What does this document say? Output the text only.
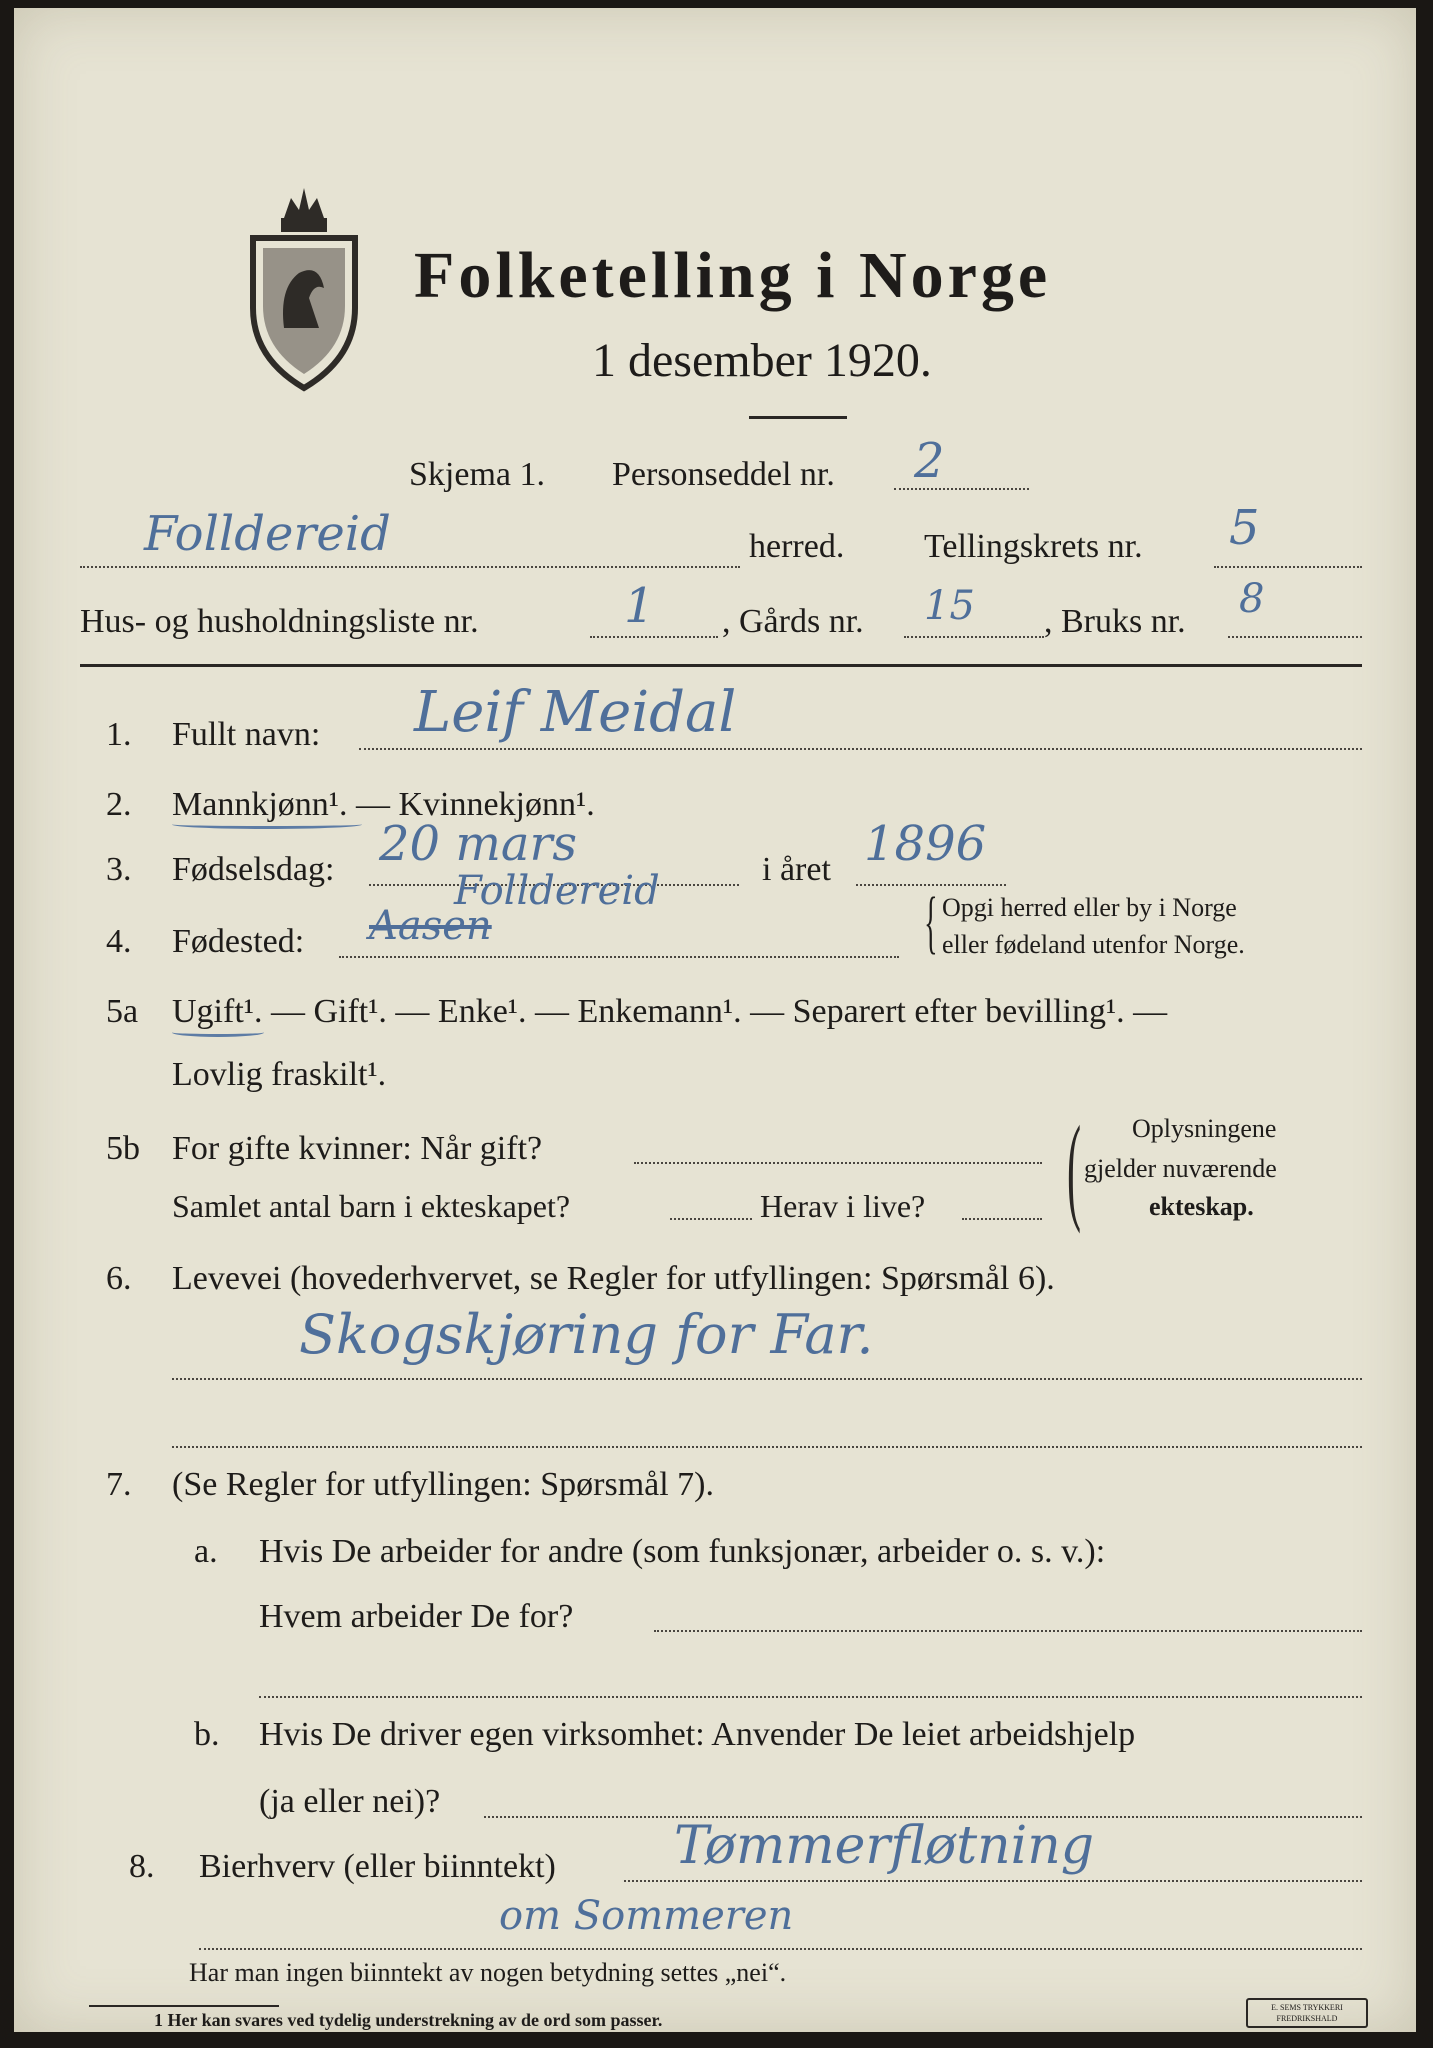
Folketelling i Norge
1 desember 1920.
Skjema 1. Personseddel nr. 2
Folldereid	herred. Tellingskrets nr. 5
Hus- og husholdningsliste nr.	1 , Gårds nr. 15 , Bruks nr. 8
1. Fullt navn: Leif Meidal
2. Mannkjønn¹. — Kvinnekjønn¹.
3. Fødselsdag: 20 mars	i året 1896
4. Fødested:
Folldereid
Aasen	{ Opgi herred eller by i Norge
eller fødeland utenfor Norge.
5a Ugift¹. — Gift¹. — Enke¹. — Enkemann¹. — Separert efter bevilling¹. —
Lovlig fraskilt¹.
5b For gifte kvinner: Når gift?
Samlet antal barn i ekteskapet?	Herav i live? ( Oplysningene
gjelder nuværende
ekteskap.
6. Levevei (hovederhvervet, se Regler for utfyllingen: Spørsmål 6).
Skogskjøring for Far.
7. (Se Regler for utfyllingen: Spørsmål 7).
a. Hvis De arbeider for andre (som funksjonær, arbeider o. s. v.):
Hvem arbeider De for?
b. Hvis De driver egen virksomhet: Anvender De leiet arbeidshjelp
(ja eller nei)?
8. Bierhverv (eller biinntekt) Tømmerfløtning
om Sommeren
Har man ingen biinntekt av nogen betydning settes „nei“.
1 Her kan svares ved tydelig understrekning av de ord som passer.
E. SEMS TRYKKERI FREDRIKSHALD
